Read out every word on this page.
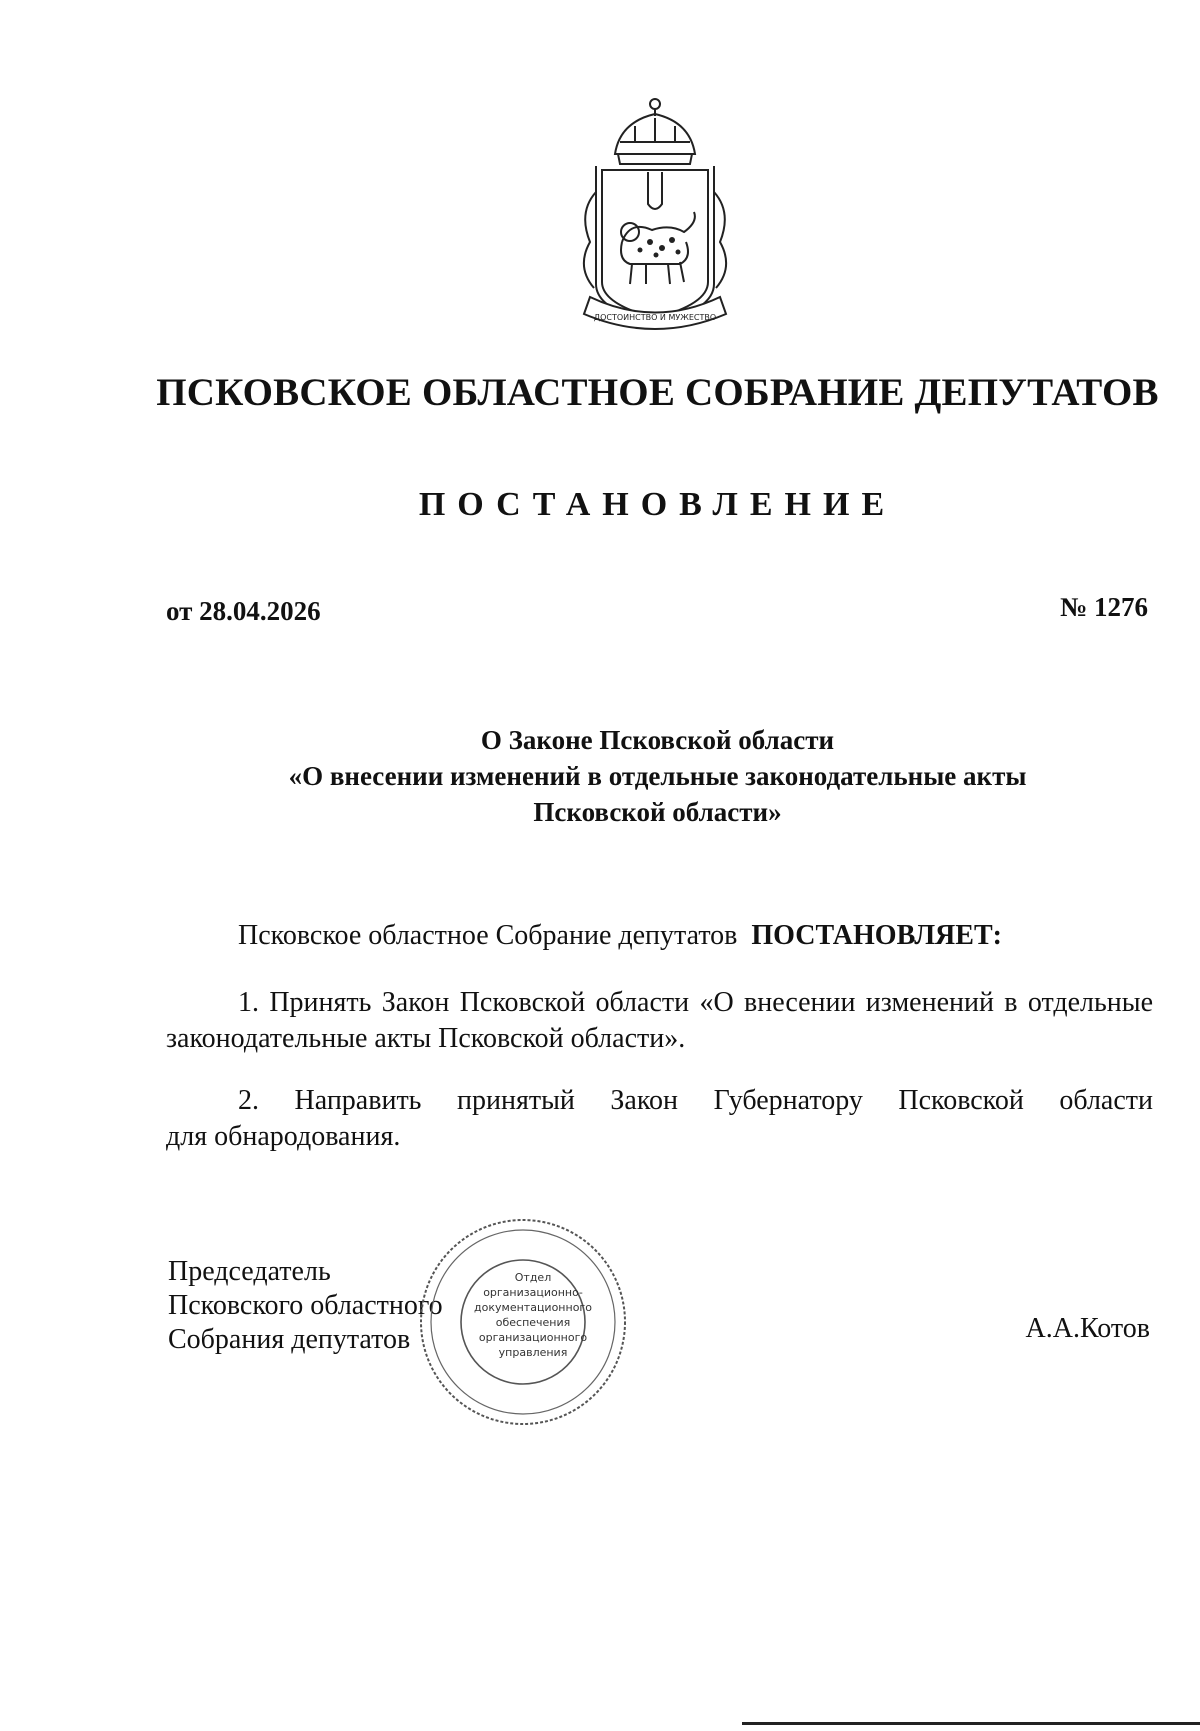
ДОСТОИНСТВО И МУЖЕСТВО
ПСКОВСКОЕ ОБЛАСТНОЕ СОБРАНИЕ ДЕПУТАТОВ
ПОСТАНОВЛЕНИЕ
от 28.04.2026	№ 1276
О Законе Псковской области
«О внесении изменений в отдельные законодательные акты
Псковской области»
Псковское областное Собрание депутатов ПОСТАНОВЛЯЕТ:
1. Принять Закон Псковской области «О внесении изменений в отдельные
законодательные акты Псковской области».
2. Направить принятый Закон Губернатору Псковской области
для обнародования.
Председатель
Псковского областного
Собрания депутатов
Отдел
организационно-
документационного
обеспечения
организационного
управления
А.А.Котов
